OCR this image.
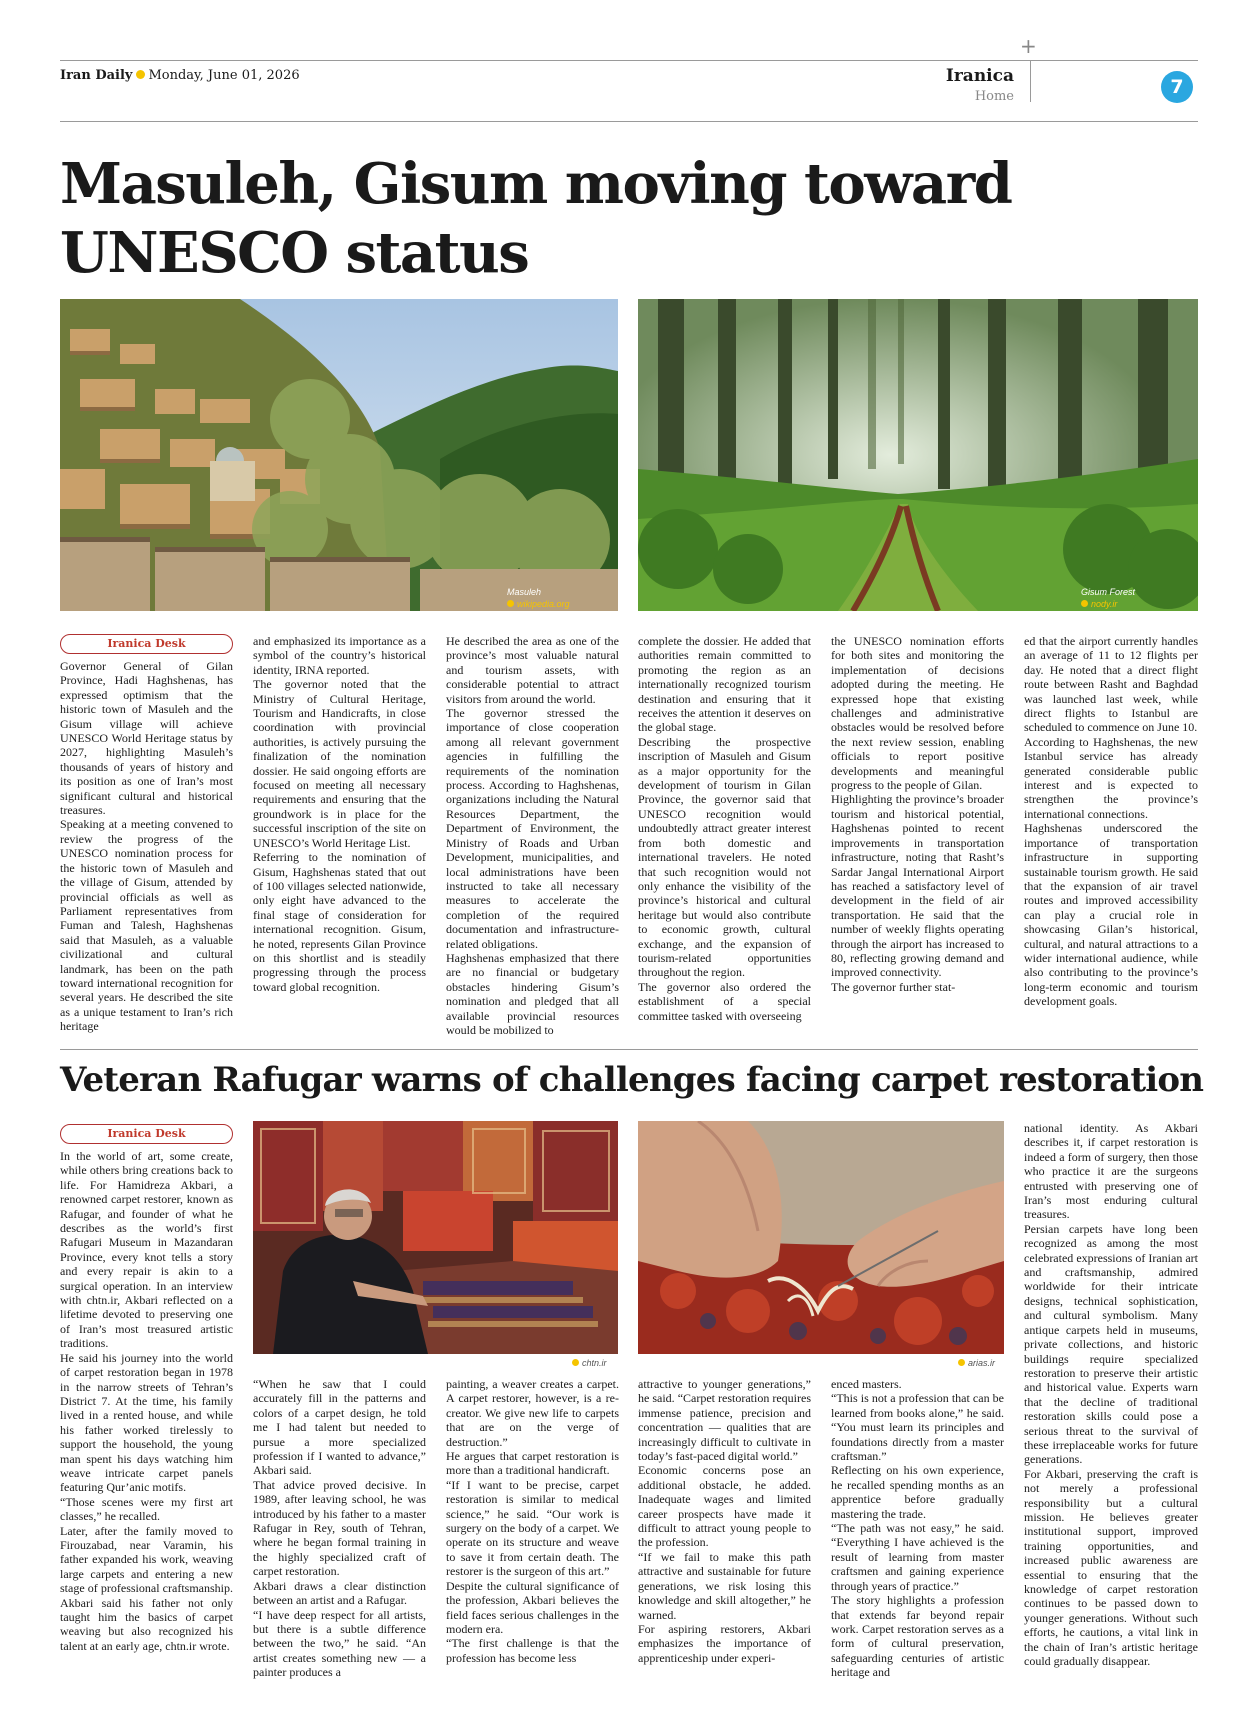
+
Iran Daily Monday, June 01, 2026	Iranica
Home	7
Masuleh, Gisum moving toward
UNESCO status
Masuleh
wikipedia.org
Gisum Forest
nody.ir
Iranica Desk

Governor General of Gilan Province, Hadi Haghshenas, has expressed optimism that the historic town of Masuleh and the Gisum village will achieve UNESCO World Heritage status by 2027, highlighting Masuleh’s thousands of years of history and its position as one of Iran’s most significant cultural and historical treasures.

Speaking at a meeting convened to review the progress of the UNESCO nomination process for the historic town of Masuleh and the village of Gisum, attended by provincial officials as well as Parliament representatives from Fuman and Talesh, Haghshenas said that Masuleh, as a valuable civilizational and cultural landmark, has been on the path toward international recognition for several years. He described the site as a unique testament to Iran’s rich heritage

and emphasized its importance as a symbol of the country’s historical identity, IRNA reported.

The governor noted that the Ministry of Cultural Heritage, Tourism and Handicrafts, in close coordination with provincial authorities, is actively pursuing the finalization of the nomination dossier. He said ongoing efforts are focused on meeting all necessary requirements and ensuring that the groundwork is in place for the successful inscription of the site on UNESCO’s World Heritage List.

Referring to the nomination of Gisum, Haghshenas stated that out of 100 villages selected nationwide, only eight have advanced to the final stage of consideration for international recognition. Gisum, he noted, represents Gilan Province on this shortlist and is steadily progressing through the process toward global recognition.

He described the area as one of the province’s most valuable natural and tourism assets, with considerable potential to attract visitors from around the world.

The governor stressed the importance of close cooperation among all relevant government agencies in fulfilling the requirements of the nomination process. According to Haghshenas, organizations including the Natural Resources Department, the Department of Environment, the Ministry of Roads and Urban Development, municipalities, and local administrations have been instructed to take all necessary measures to accelerate the completion of the required documentation and infrastructure-related obligations.

Haghshenas emphasized that there are no financial or budgetary obstacles hindering Gisum’s nomination and pledged that all available provincial resources would be mobilized to

complete the dossier. He added that authorities remain committed to promoting the region as an internationally recognized tourism destination and ensuring that it receives the attention it deserves on the global stage.

Describing the prospective inscription of Masuleh and Gisum as a major opportunity for the development of tourism in Gilan Province, the governor said that UNESCO recognition would undoubtedly attract greater interest from both domestic and international travelers. He noted that such recognition would not only enhance the visibility of the province’s historical and cultural heritage but would also contribute to economic growth, cultural exchange, and the expansion of tourism-related opportunities throughout the region.

The governor also ordered the establishment of a special committee tasked with overseeing

the UNESCO nomination efforts for both sites and monitoring the implementation of decisions adopted during the meeting. He expressed hope that existing challenges and administrative obstacles would be resolved before the next review session, enabling officials to report positive developments and meaningful progress to the people of Gilan.

Highlighting the province’s broader tourism and historical potential, Haghshenas pointed to recent improvements in transportation infrastructure, noting that Rasht’s Sardar Jangal International Airport has reached a satisfactory level of development in the field of air transportation. He said that the number of weekly flights operating through the airport has increased to 80, reflecting growing demand and improved connectivity.

The governor further stat-

ed that the airport currently handles an average of 11 to 12 flights per day. He noted that a direct flight route between Rasht and Baghdad was launched last week, while direct flights to Istanbul are scheduled to commence on June 10.

According to Haghshenas, the new Istanbul service has already generated considerable public interest and is expected to strengthen the province’s international connections.

Haghshenas underscored the importance of transportation infrastructure in supporting sustainable tourism growth. He said that the expansion of air travel routes and improved accessibility can play a crucial role in showcasing Gilan’s historical, cultural, and natural attractions to a wider international audience, while also contributing to the province’s long-term economic and tourism development goals.

Veteran Rafugar warns of challenges facing carpet restoration
chtn.ir	arias.ir
Iranica Desk

In the world of art, some create, while others bring creations back to life. For Hamidreza Akbari, a renowned carpet restorer, known as Rafugar, and founder of what he describes as the world’s first Rafugari Museum in Mazandaran Province, every knot tells a story and every repair is akin to a surgical operation. In an interview with chtn.ir, Akbari reflected on a lifetime devoted to preserving one of Iran’s most treasured artistic traditions.

He said his journey into the world of carpet restoration began in 1978 in the narrow streets of Tehran’s District 7. At the time, his family lived in a rented house, and while his father worked tirelessly to support the household, the young man spent his days watching him weave intricate carpet panels featuring Qur’anic motifs.

“Those scenes were my first art classes,” he recalled.

Later, after the family moved to Firouzabad, near Varamin, his father expanded his work, weaving large carpets and entering a new stage of professional craftsmanship. Akbari said his father not only taught him the basics of carpet weaving but also recognized his talent at an early age, chtn.ir wrote.

“When he saw that I could accurately fill in the patterns and colors of a carpet design, he told me I had talent but needed to pursue a more specialized profession if I wanted to advance,” Akbari said.

That advice proved decisive. In 1989, after leaving school, he was introduced by his father to a master Rafugar in Rey, south of Tehran, where he began formal training in the highly specialized craft of carpet restoration.

Akbari draws a clear distinction between an artist and a Rafugar.

“I have deep respect for all artists, but there is a subtle difference between the two,” he said. “An artist creates something new — a painter produces a

painting, a weaver creates a carpet. A carpet restorer, however, is a re-creator. We give new life to carpets that are on the verge of destruction.”

He argues that carpet restoration is more than a traditional handicraft.

“If I want to be precise, carpet restoration is similar to medical science,” he said. “Our work is surgery on the body of a carpet. We operate on its structure and weave to save it from certain death. The restorer is the surgeon of this art.”

Despite the cultural significance of the profession, Akbari believes the field faces serious challenges in the modern era.

“The first challenge is that the profession has become less

attractive to younger generations,” he said. “Carpet restoration requires immense patience, precision and concentration — qualities that are increasingly difficult to cultivate in today’s fast-paced digital world.”

Economic concerns pose an additional obstacle, he added. Inadequate wages and limited career prospects have made it difficult to attract young people to the profession.

“If we fail to make this path attractive and sustainable for future generations, we risk losing this knowledge and skill altogether,” he warned.

For aspiring restorers, Akbari emphasizes the importance of apprenticeship under experi-

enced masters.

“This is not a profession that can be learned from books alone,” he said. “You must learn its principles and foundations directly from a master craftsman.”

Reflecting on his own experience, he recalled spending months as an apprentice before gradually mastering the trade.

“The path was not easy,” he said. “Everything I have achieved is the result of learning from master craftsmen and gaining experience through years of practice.”

The story highlights a profession that extends far beyond repair work. Carpet restoration serves as a form of cultural preservation, safeguarding centuries of artistic heritage and

national identity. As Akbari describes it, if carpet restoration is indeed a form of surgery, then those who practice it are the surgeons entrusted with preserving one of Iran’s most enduring cultural treasures.

Persian carpets have long been recognized as among the most celebrated expressions of Iranian art and craftsmanship, admired worldwide for their intricate designs, technical sophistication, and cultural symbolism. Many antique carpets held in museums, private collections, and historic buildings require specialized restoration to preserve their artistic and historical value. Experts warn that the decline of traditional restoration skills could pose a serious threat to the survival of these irreplaceable works for future generations.

For Akbari, preserving the craft is not merely a professional responsibility but a cultural mission. He believes greater institutional support, improved training opportunities, and increased public awareness are essential to ensuring that the knowledge of carpet restoration continues to be passed down to younger generations. Without such efforts, he cautions, a vital link in the chain of Iran’s artistic heritage could gradually disappear.
